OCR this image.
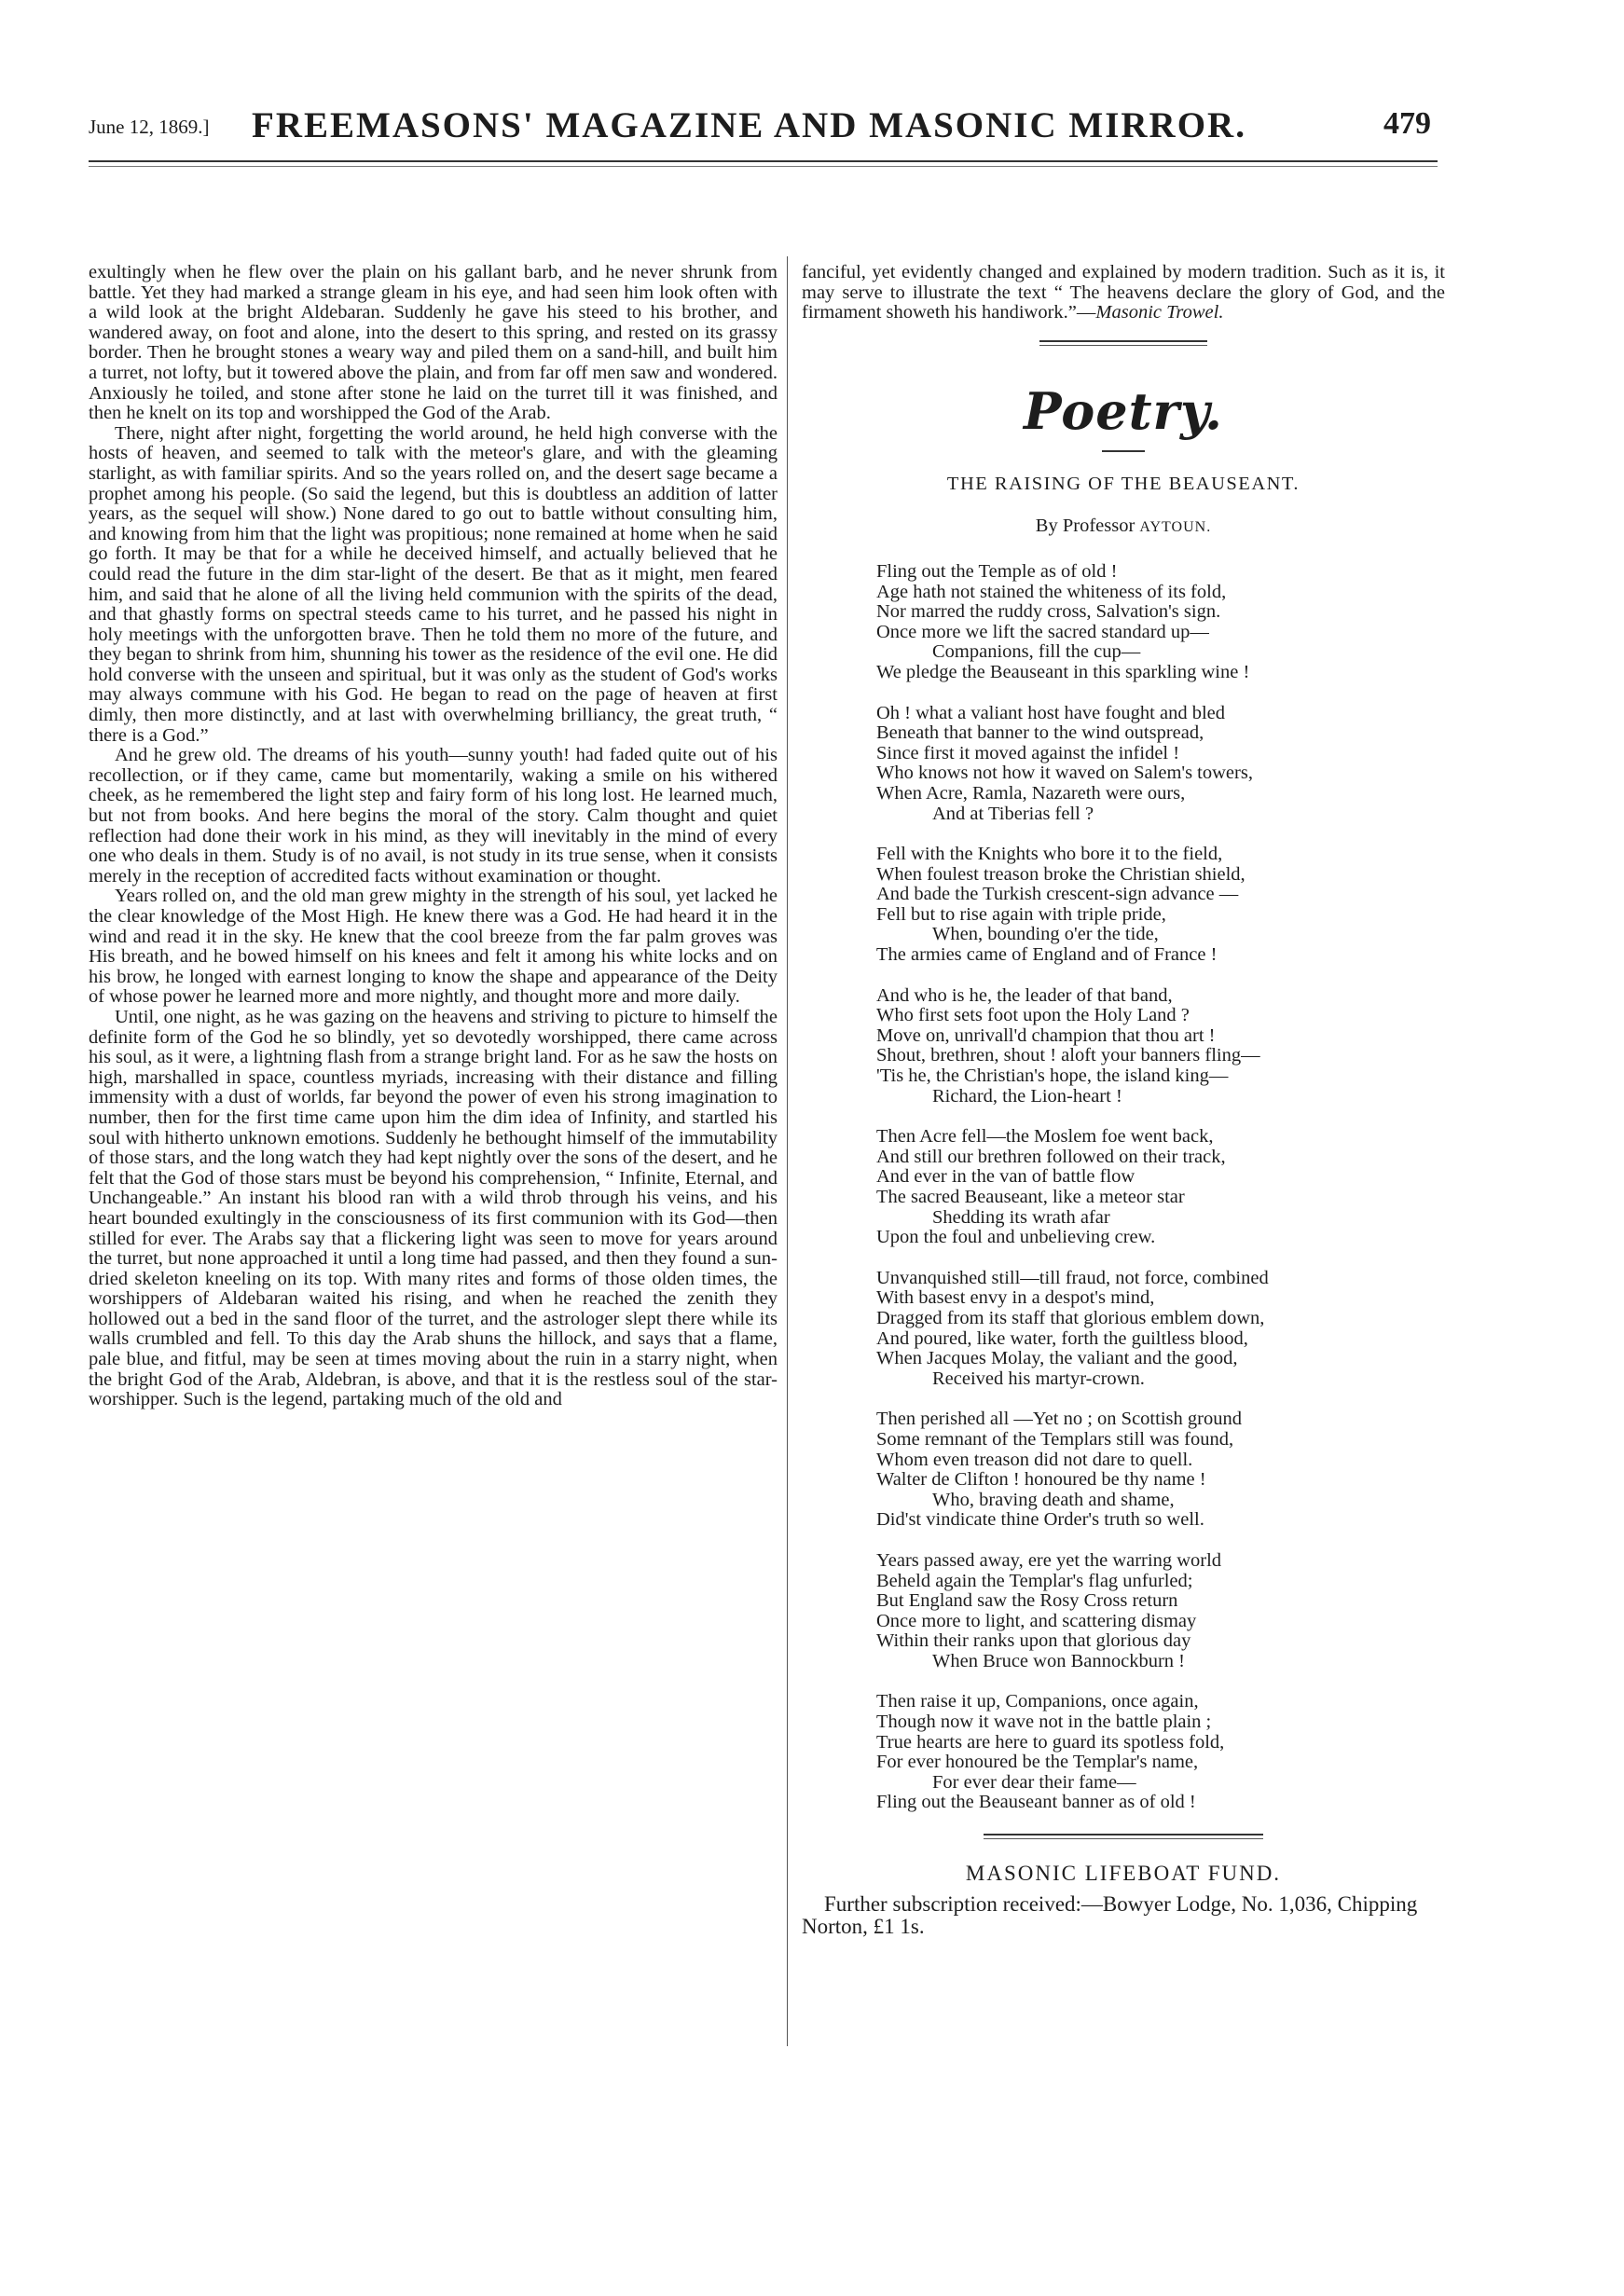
June 12, 1869.] FREEMASONS' MAGAZINE AND MASONIC MIRROR.	479

exultingly when he flew over the plain on his gallant barb, and he never shrunk from battle. Yet they had marked a strange gleam in his eye, and had seen him look often with a wild look at the bright Aldebaran. Suddenly he gave his steed to his brother, and wandered away, on foot and alone, into the desert to this spring, and rested on its grassy border. Then he brought stones a weary way and piled them on a sand-hill, and built him a turret, not lofty, but it towered above the plain, and from far off men saw and wondered. Anxiously he toiled, and stone after stone he laid on the turret till it was finished, and then he knelt on its top and worshipped the God of the Arab.

There, night after night, forgetting the world around, he held high converse with the hosts of heaven, and seemed to talk with the meteor's glare, and with the gleaming starlight, as with familiar spirits. And so the years rolled on, and the desert sage became a prophet among his people. (So said the legend, but this is doubtless an addition of latter years, as the sequel will show.) None dared to go out to battle without consulting him, and knowing from him that the light was propitious; none remained at home when he said go forth. It may be that for a while he deceived himself, and actually believed that he could read the future in the dim star-light of the desert. Be that as it might, men feared him, and said that he alone of all the living held communion with the spirits of the dead, and that ghastly forms on spectral steeds came to his turret, and he passed his night in holy meetings with the unforgotten brave. Then he told them no more of the future, and they began to shrink from him, shunning his tower as the residence of the evil one. He did hold converse with the unseen and spiritual, but it was only as the student of God's works may always commune with his God. He began to read on the page of heaven at first dimly, then more distinctly, and at last with overwhelming brilliancy, the great truth, “ there is a God.”

And he grew old. The dreams of his youth—sunny youth! had faded quite out of his recollection, or if they came, came but momentarily, waking a smile on his withered cheek, as he remembered the light step and fairy form of his long lost. He learned much, but not from books. And here begins the moral of the story. Calm thought and quiet reflection had done their work in his mind, as they will inevitably in the mind of every one who deals in them. Study is of no avail, is not study in its true sense, when it consists merely in the reception of accredited facts without examination or thought.

Years rolled on, and the old man grew mighty in the strength of his soul, yet lacked he the clear knowledge of the Most High. He knew there was a God. He had heard it in the wind and read it in the sky. He knew that the cool breeze from the far palm groves was His breath, and he bowed himself on his knees and felt it among his white locks and on his brow, he longed with earnest longing to know the shape and appearance of the Deity of whose power he learned more and more nightly, and thought more and more daily.

Until, one night, as he was gazing on the heavens and striving to picture to himself the definite form of the God he so blindly, yet so devotedly worshipped, there came across his soul, as it were, a lightning flash from a strange bright land. For as he saw the hosts on high, marshalled in space, countless myriads, increasing with their distance and filling immensity with a dust of worlds, far beyond the power of even his strong imagination to number, then for the first time came upon him the dim idea of Infinity, and startled his soul with hitherto unknown emotions. Suddenly he bethought himself of the immutability of those stars, and the long watch they had kept nightly over the sons of the desert, and he felt that the God of those stars must be beyond his comprehension, “ Infinite, Eternal, and Unchangeable.” An instant his blood ran with a wild throb through his veins, and his heart bounded exultingly in the consciousness of its first communion with its God—then stilled for ever. The Arabs say that a flickering light was seen to move for years around the turret, but none approached it until a long time had passed, and then they found a sun-dried skeleton kneeling on its top. With many rites and forms of those olden times, the worshippers of Aldebaran waited his rising, and when he reached the zenith they hollowed out a bed in the sand floor of the turret, and the astrologer slept there while its walls crumbled and fell. To this day the Arab shuns the hillock, and says that a flame, pale blue, and fitful, may be seen at times moving about the ruin in a starry night, when the bright God of the Arab, Aldebran, is above, and that it is the restless soul of the star-worshipper. Such is the legend, partaking much of the old and

fanciful, yet evidently changed and explained by modern tradition. Such as it is, it may serve to illustrate the text “ The heavens declare the glory of God, and the firmament showeth his handiwork.”—Masonic Trowel.

Poetry.
THE RAISING OF THE BEAUSEANT.
By Professor AYTOUN.
Fling out the Temple as of old !
Age hath not stained the whiteness of its fold,
Nor marred the ruddy cross, Salvation's sign.
Once more we lift the sacred standard up—
Companions, fill the cup—
We pledge the Beauseant in this sparkling wine !
Oh ! what a valiant host have fought and bled
Beneath that banner to the wind outspread,
Since first it moved against the infidel !
Who knows not how it waved on Salem's towers,
When Acre, Ramla, Nazareth were ours,
And at Tiberias fell ?
Fell with the Knights who bore it to the field,
When foulest treason broke the Christian shield,
And bade the Turkish crescent-sign advance —
Fell but to rise again with triple pride,
When, bounding o'er the tide,
The armies came of England and of France !
And who is he, the leader of that band,
Who first sets foot upon the Holy Land ?
Move on, unrivall'd champion that thou art !
Shout, brethren, shout ! aloft your banners fling—
'Tis he, the Christian's hope, the island king—
Richard, the Lion-heart !
Then Acre fell—the Moslem foe went back,
And still our brethren followed on their track,
And ever in the van of battle flow
The sacred Beauseant, like a meteor star
Shedding its wrath afar
Upon the foul and unbelieving crew.
Unvanquished still—till fraud, not force, combined
With basest envy in a despot's mind,
Dragged from its staff that glorious emblem down,
And poured, like water, forth the guiltless blood,
When Jacques Molay, the valiant and the good,
Received his martyr-crown.
Then perished all —Yet no ; on Scottish ground
Some remnant of the Templars still was found,
Whom even treason did not dare to quell.
Walter de Clifton ! honoured be thy name !
Who, braving death and shame,
Did'st vindicate thine Order's truth so well.
Years passed away, ere yet the warring world
Beheld again the Templar's flag unfurled;
But England saw the Rosy Cross return
Once more to light, and scattering dismay
Within their ranks upon that glorious day
When Bruce won Bannockburn !
Then raise it up, Companions, once again,
Though now it wave not in the battle plain ;
True hearts are here to guard its spotless fold,
For ever honoured be the Templar's name,
For ever dear their fame—
Fling out the Beauseant banner as of old !
MASONIC LIFEBOAT FUND.

Further subscription received:—Bowyer Lodge, No. 1,036, Chipping Norton, £1 1s.
